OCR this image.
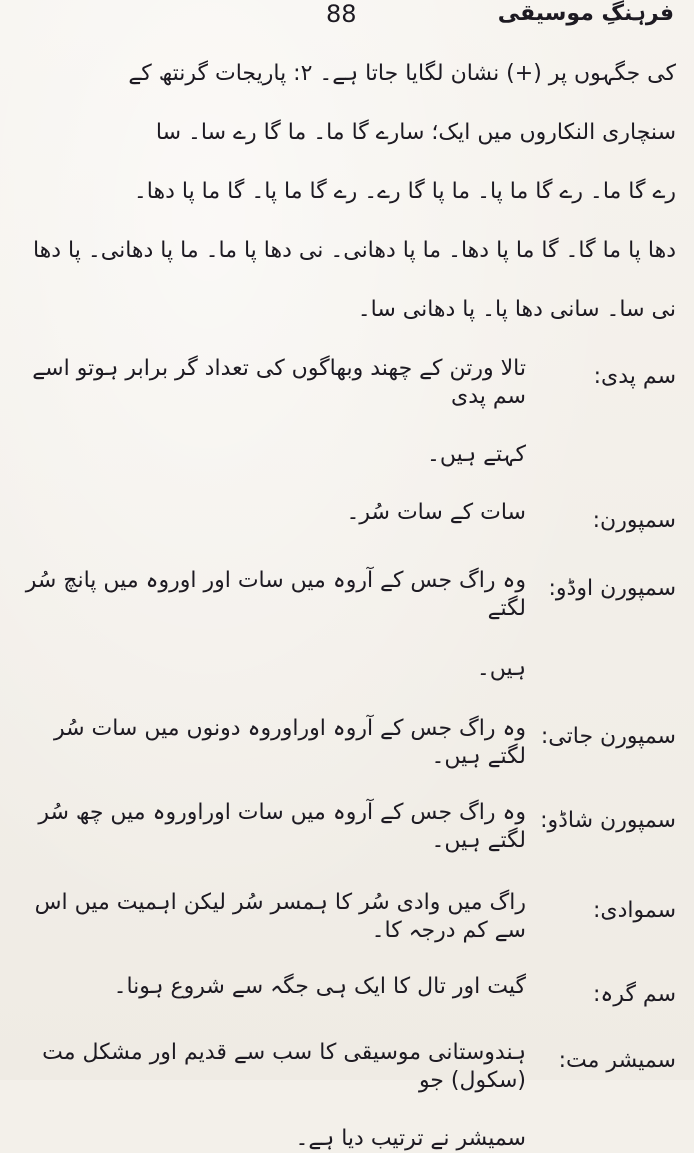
88	فرہنگِ موسیقی

کی جگہوں پر (+) نشان لگایا جاتا ہے۔ ۲: پاریجات گرنتھ کے

سنچاری النکاروں میں ایک؛ سارے گا ما۔ ما گا رے سا۔ سا

رے گا ما۔ رے گا ما پا۔ ما پا گا رے۔ رے گا ما پا۔ گا ما پا دھا۔

دھا پا ما گا۔ گا ما پا دھا۔ ما پا دھانی۔ نی دھا پا ما۔ ما پا دھانی۔ پا دھا

نی سا۔ سانی دھا پا۔ پا دھانی سا۔

سم پدی:

تالا ورتن کے چھند وبھاگوں کی تعداد گر برابر ہوتو اسے سم پدی

کہتے ہیں۔

سمپورن:

سات کے سات سُر۔

سمپورن اوڈو:

وہ راگ جس کے آروہ میں سات اور اوروہ میں پانچ سُر لگتے

ہیں۔

سمپورن جاتی:

وہ راگ جس کے آروہ اوراوروہ دونوں میں سات سُر لگتے ہیں۔

سمپورن شاڈو:

وہ راگ جس کے آروہ میں سات اوراوروہ میں چھ سُر لگتے ہیں۔

سموادی:

راگ میں وادی سُر کا ہمسر سُر لیکن اہمیت میں اس سے کم درجہ کا۔

سم گرہ:

گیت اور تال کا ایک ہی جگہ سے شروع ہونا۔

سمیشر مت:

ہندوستانی موسیقی کا سب سے قدیم اور مشکل مت (سکول) جو

سمیشر نے ترتیب دیا ہے۔
